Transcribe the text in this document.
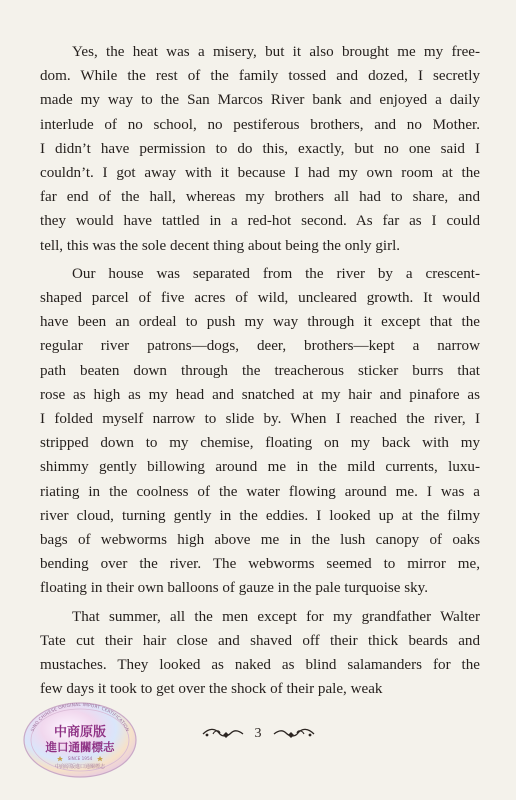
Yes, the heat was a misery, but it also brought me my free-
dom. While the rest of the family tossed and dozed, I secretly
made my way to the San Marcos River bank and enjoyed a daily
interlude of no school, no pestiferous brothers, and no Mother.
I didn’t have permission to do this, exactly, but no one said I
couldn’t. I got away with it because I had my own room at the
far end of the hall, whereas my brothers all had to share, and
they would have tattled in a red-hot second. As far as I could
tell, this was the sole decent thing about being the only girl.

Our house was separated from the river by a crescent-
shaped parcel of five acres of wild, uncleared growth. It would
have been an ordeal to push my way through it except that the
regular river patrons—dogs, deer, brothers—kept a narrow
path beaten down through the treacherous sticker burrs that
rose as high as my head and snatched at my hair and pinafore as
I folded myself narrow to slide by. When I reached the river, I
stripped down to my chemise, floating on my back with my
shimmy gently billowing around me in the mild currents, luxu-
riating in the coolness of the water flowing around me. I was a
river cloud, turning gently in the eddies. I looked up at the filmy
bags of webworms high above me in the lush canopy of oaks
bending over the river. The webworms seemed to mirror me,
floating in their own balloons of gauze in the pale turquoise sky.

That summer, all the men except for my grandfather Walter
Tate cut their hair close and shaved off their thick beards and
mustaches. They looked as naked as blind salamanders for the
few days it took to get over the shock of their pale, weak

3
SINO CHINESE ORIGINAL IMPORT CERTIFICATION
中商原版
進口通關標志
SINCE 1954
中商原版進口通關標志
